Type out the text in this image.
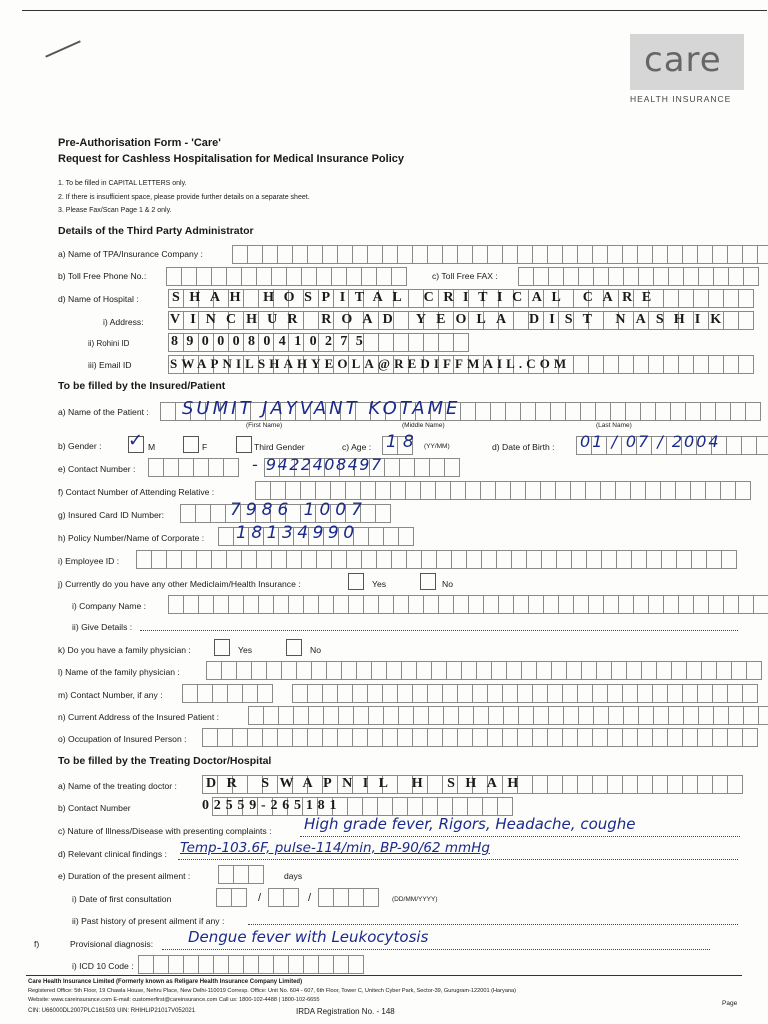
care
HEALTH INSURANCE
Pre-Authorisation Form - 'Care'
Request for Cashless Hospitalisation for Medical Insurance Policy
1. To be filled in CAPITAL LETTERS only.
2. If there is insufficient space, please provide further details on a separate sheet.
3. Please Fax/Scan Page 1 & 2 only.
Details of the Third Party Administrator
a) Name of TPA/Insurance Company :
b) Toll Free Phone No.:	c) Toll Free FAX :
d) Name of Hospital : SHAH HOSPITAL CRITICAL CARE
i) Address: VINCHUR ROAD YEOLA DIST NASHIK
ii) Rohini ID	8900080410275
iii) Email ID	SWAPNILSHAHYEOLA@REDIFFMAIL.COM
To be filled by the Insured/Patient
a) Name of the Patient : SUMIT JAYVANT KOTAME
(First Name)	(Middle Name)	(Last Name)
b) Gender : ✓ M	F	Third Gender	c) Age : 18 (YY/MM)	d) Date of Birth : 01 / 07 / 2004
e) Contact Number :	- 9422408497
f) Contact Number of Attending Relative :
g) Insured Card ID Number:	7986 1007
h) Policy Number/Name of Corporate : 18134990
i) Employee ID :
j) Currently do you have any other Mediclaim/Health Insurance :	Yes	No
i) Company Name :
ii) Give Details :
k) Do you have a family physician :	Yes	No
l) Name of the family physician :
m) Contact Number, if any :
n) Current Address of the Insured Patient :
o) Occupation of Insured Person :
To be filled by the Treating Doctor/Hospital
a) Name of the treating doctor : DR SWAPNIL H SHAH
b) Contact Number	02559-265181
c) Nature of Illness/Disease with presenting complaints : High grade fever, Rigors, Headache, coughe
d) Relevant clinical findings : Temp-103.6F, pulse-114/min, BP-90/62 mmHg
e) Duration of the present ailment :	days
i) Date of first consultation	/	/	(DD/MM/YYYY)
ii) Past history of present ailment if any :
f)	Provisional diagnosis: Dengue fever with Leukocytosis
i) ICD 10 Code :
Care Health Insurance Limited (Formerly known as Religare Health Insurance Company Limited)
Registered Office: 5th Floor, 19 Chawla House, Nehru Place, New Delhi-110019 Corresp. Office: Unit No. 604 - 607, 6th Floor, Tower C, Unitech Cyber Park, Sector-39, Gurugram-122001 (Haryana)
Website: www.careinsurance.com E-mail: customerfirst@careinsurance.com Call us: 1800-102-4488 | 1800-102-6655
CIN: U66000DL2007PLC161503 UIN: RHIHLIP21017V052021	IRDA Registration No. - 148
Page
